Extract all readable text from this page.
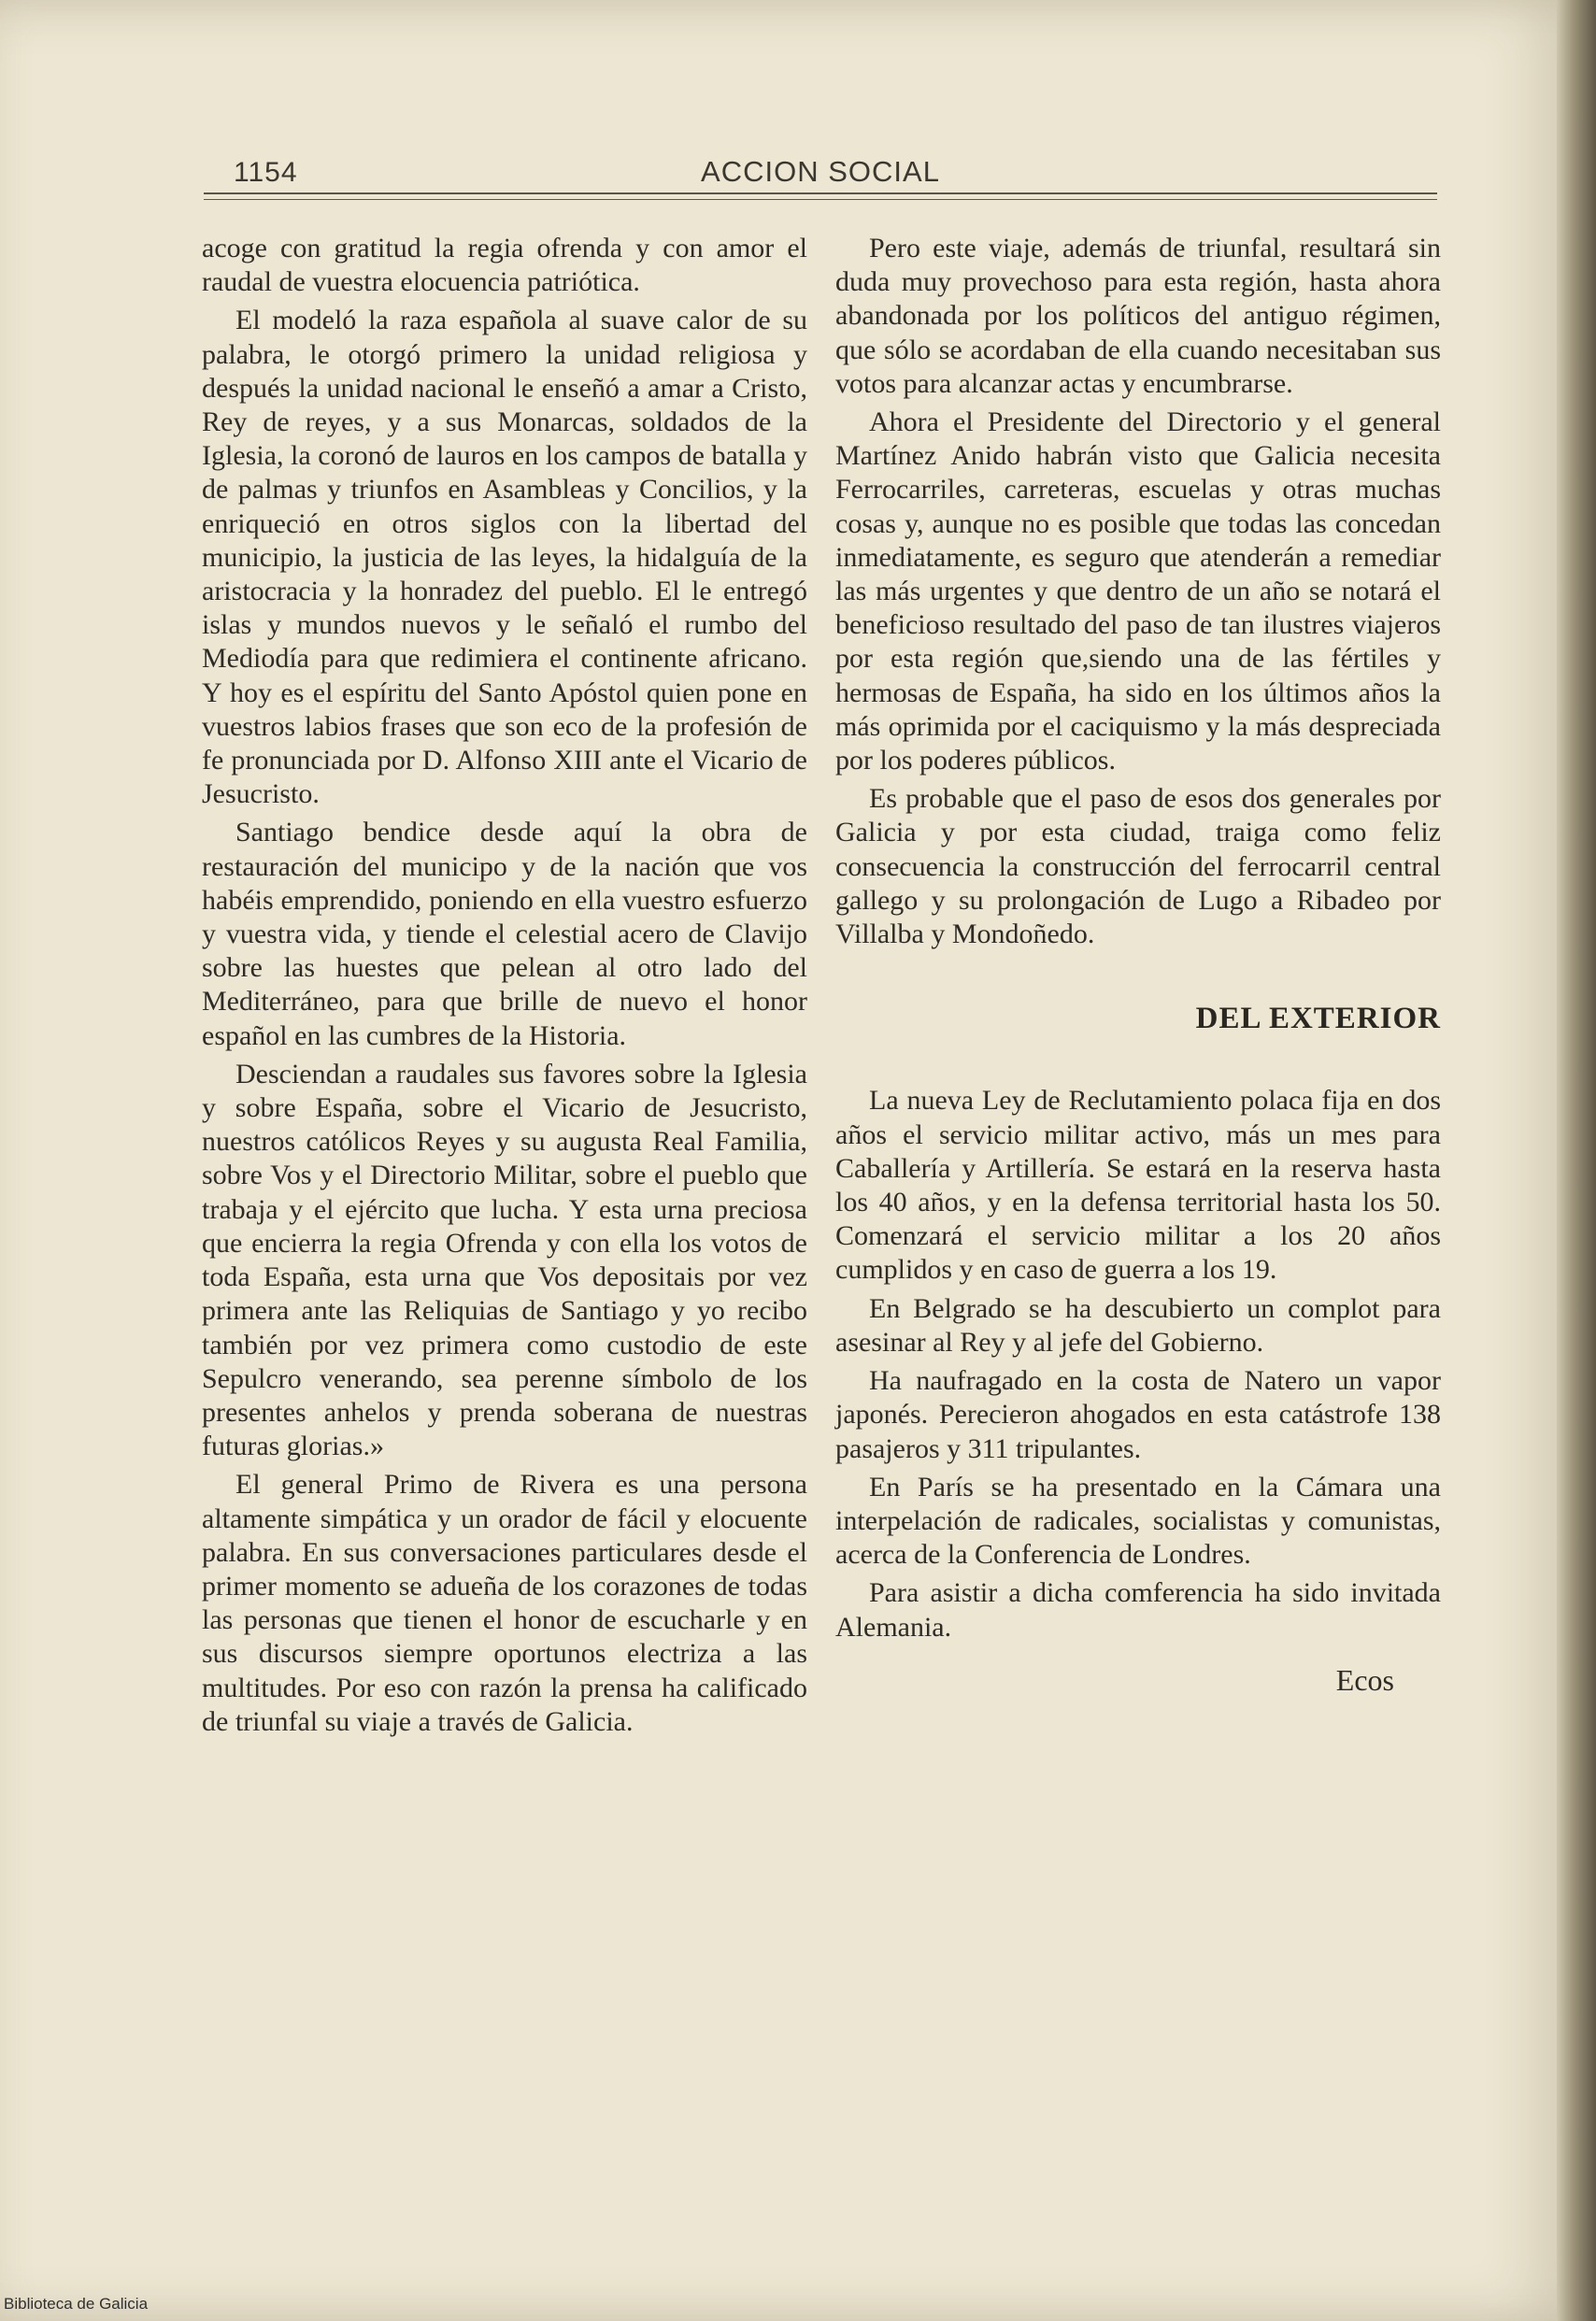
1154	ACCION SOCIAL

acoge con gratitud la regia ofrenda y con amor el raudal de vuestra elocuencia patriótica.

El modeló la raza española al suave calor de su palabra, le otorgó primero la unidad religiosa y después la unidad nacional le enseñó a amar a Cristo, Rey de reyes, y a sus Monarcas, soldados de la Iglesia, la coronó de lauros en los campos de batalla y de palmas y triunfos en Asambleas y Concilios, y la enriqueció en otros siglos con la libertad del municipio, la justicia de las leyes, la hidalguía de la aristocracia y la honradez del pueblo. El le entregó islas y mundos nuevos y le señaló el rumbo del Mediodía para que redimiera el continente africano. Y hoy es el espíritu del Santo Apóstol quien pone en vuestros labios frases que son eco de la profesión de fe pronunciada por D. Alfonso XIII ante el Vicario de Jesucristo.

Santiago bendice desde aquí la obra de restauración del municipo y de la nación que vos habéis emprendido, poniendo en ella vuestro esfuerzo y vuestra vida, y tiende el celestial acero de Clavijo sobre las huestes que pelean al otro lado del Mediterráneo, para que brille de nuevo el honor español en las cumbres de la Historia.

Desciendan a raudales sus favores sobre la Iglesia y sobre España, sobre el Vicario de Jesucristo, nuestros católicos Reyes y su augusta Real Familia, sobre Vos y el Directorio Militar, sobre el pueblo que trabaja y el ejército que lucha. Y esta urna preciosa que encierra la regia Ofrenda y con ella los votos de toda España, esta urna que Vos depositais por vez primera ante las Reliquias de Santiago y yo recibo también por vez primera como custodio de este Sepulcro venerando, sea perenne símbolo de los presentes anhelos y prenda soberana de nuestras futuras glorias.»

El general Primo de Rivera es una persona altamente simpática y un orador de fácil y elocuente palabra. En sus conversaciones particulares desde el primer momento se adueña de los corazones de todas las personas que tienen el honor de escucharle y en sus discursos siempre oportunos electriza a las multitudes. Por eso con razón la prensa ha calificado de triunfal su viaje a través de Galicia.

Pero este viaje, además de triunfal, resultará sin duda muy provechoso para esta región, hasta ahora abandonada por los políticos del antiguo régimen, que sólo se acordaban de ella cuando necesitaban sus votos para alcanzar actas y encumbrarse.

Ahora el Presidente del Directorio y el general Martínez Anido habrán visto que Galicia necesita Ferrocarriles, carreteras, escuelas y otras muchas cosas y, aunque no es posible que todas las concedan inmediatamente, es seguro que atenderán a remediar las más urgentes y que dentro de un año se notará el beneficioso resultado del paso de tan ilustres viajeros por esta región que,siendo una de las fértiles y hermosas de España, ha sido en los últimos años la más oprimida por el caciquismo y la más despreciada por los poderes públicos.

Es probable que el paso de esos dos generales por Galicia y por esta ciudad, traiga como feliz consecuencia la construcción del ferrocarril central gallego y su prolongación de Lugo a Ribadeo por Villalba y Mondoñedo.

DEL EXTERIOR

La nueva Ley de Reclutamiento polaca fija en dos años el servicio militar activo, más un mes para Caballería y Artillería. Se estará en la reserva hasta los 40 años, y en la defensa territorial hasta los 50. Comenzará el servicio militar a los 20 años cumplidos y en caso de guerra a los 19.

En Belgrado se ha descubierto un complot para asesinar al Rey y al jefe del Gobierno.

Ha naufragado en la costa de Natero un vapor japonés. Perecieron ahogados en esta catástrofe 138 pasajeros y 311 tripulantes.

En París se ha presentado en la Cámara una interpelación de radicales, socialistas y comunistas, acerca de la Conferencia de Londres.

Para asistir a dicha comferencia ha sido invitada Alemania.

Ecos
Biblioteca de Galicia
